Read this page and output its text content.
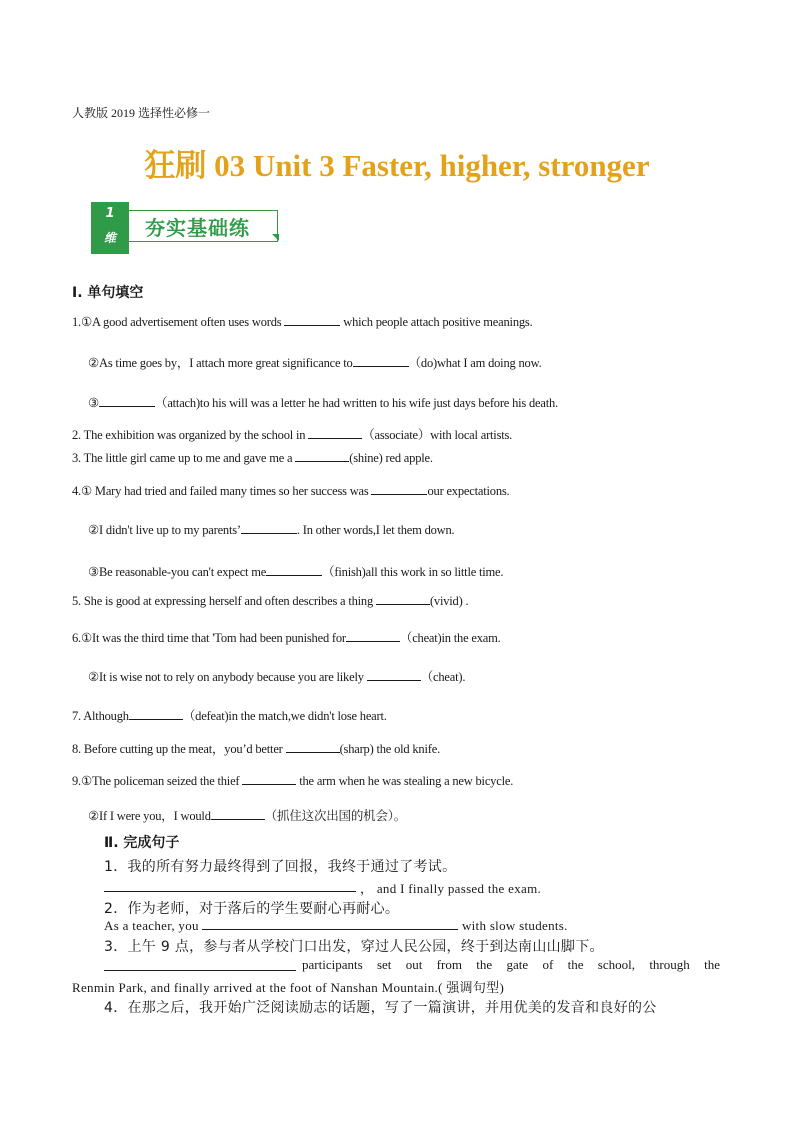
人教版 2019 选择性必修一
狂刷 03 Unit 3 Faster, higher, stronger
1
维	夯实基础练
I. 单句填空
1.①A good advertisement often uses words	which people attach positive meanings.
②As time goes by，I attach more great significance to	（do)what I am doing now.
③	（attach)to his will was a letter he had written to his wife just days before his death.
2. The exhibition was organized by the school in	（associate）with local artists.
3. The little girl came up to me and gave me a	(shine) red apple.
4.① Mary had tried and failed many times so her success was	our expectations.
②I didn't live up to my parents’	. In other words,I let them down.
③Be reasonable-you can't expect me	（finish)all this work in so little time.
5. She is good at expressing herself and often describes a thing	(vivid) .
6.①It was the third time that 'Tom had been punished for	（cheat)in the exam.
②It is wise not to rely on anybody because you are likely	（cheat).
7. Although	（defeat)in the match,we didn't lose heart.
8. Before cutting up the meat，you’d better	(sharp) the old knife.
9.①The policeman seized the thief	the arm when he was stealing a new bicycle.
②If I were you，I would	（抓住这次出国的机会）。
Ⅱ. 完成句子
1．我的所有努力最终得到了回报，我终于通过了考试。
， and I finally passed the exam.
2．作为老师，对于落后的学生要耐心再耐心。
As a teacher, you	with slow students.
3．上午 9 点，参与者从学校门口出发，穿过人民公园，终于到达南山山脚下。
participants set out from the gate of the school, through the
Renmin Park, and finally arrived at the foot of Nanshan Mountain.( 强调句型)
4．在那之后，我开始广泛阅读励志的话题，写了一篇演讲，并用优美的发音和良好的公
